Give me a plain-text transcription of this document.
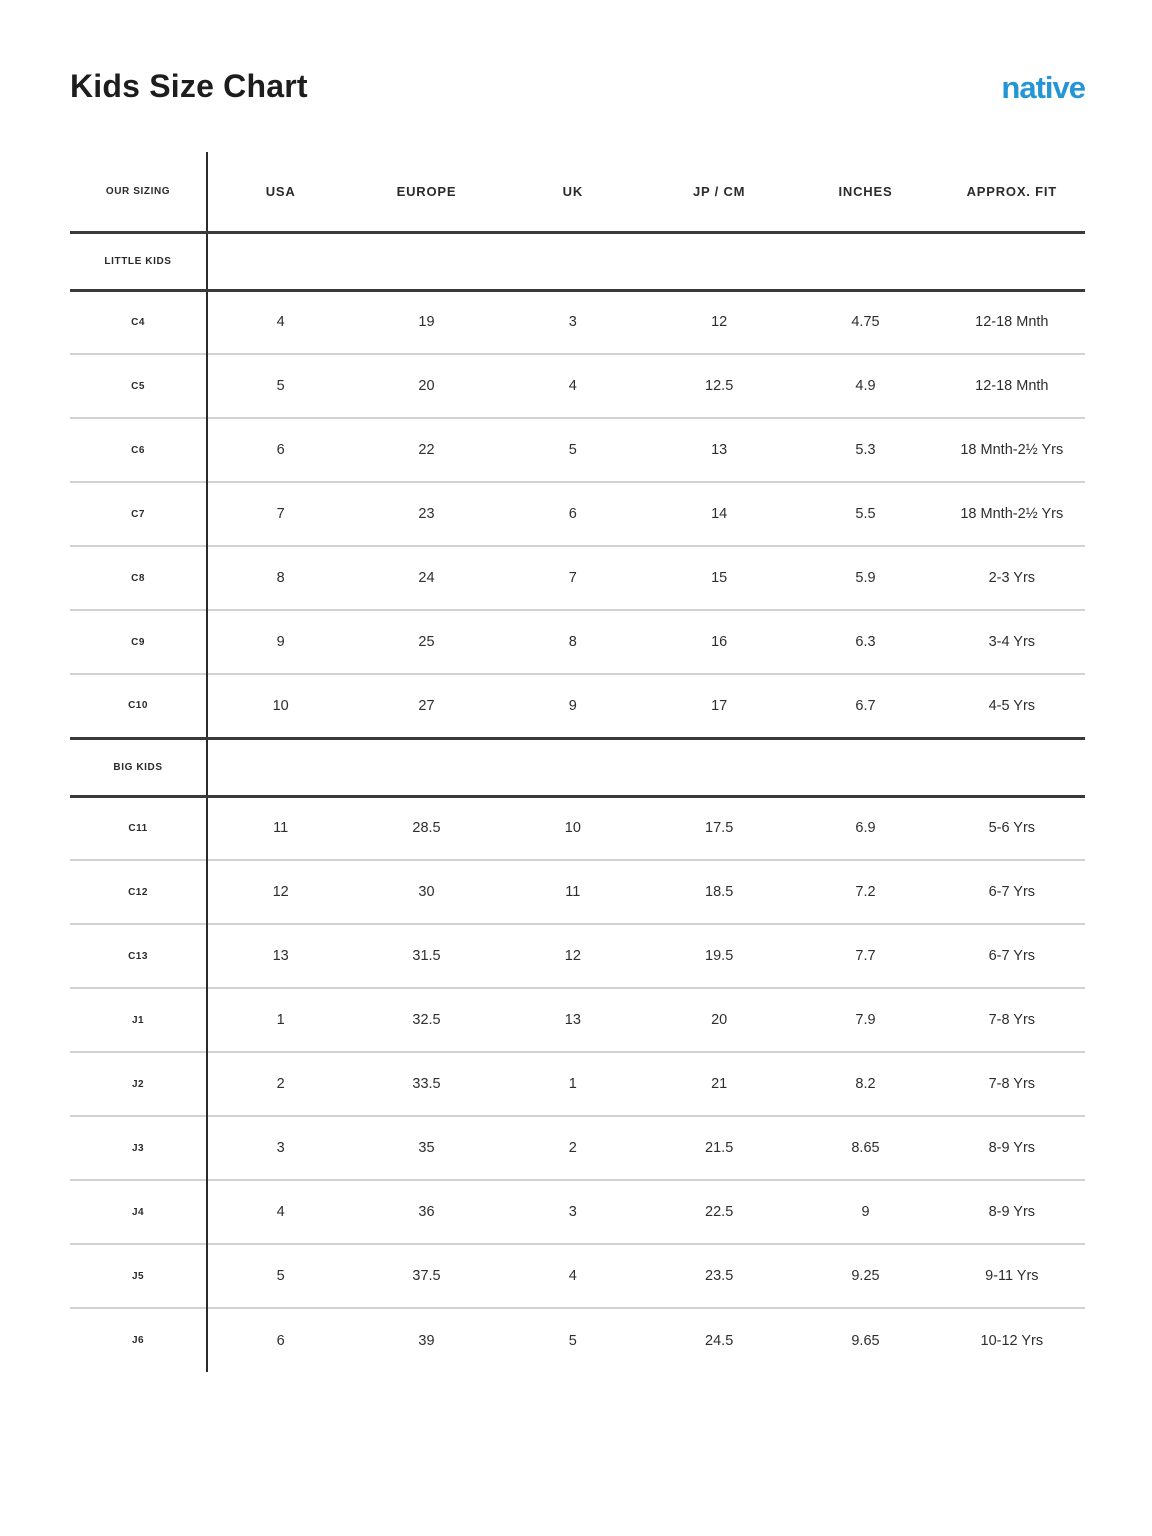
Kids Size Chart	native
OUR SIZING	USA	EUROPE	UK	JP / CM	INCHES	APPROX. FIT
LITTLE KIDS						
C4	4	19	3	12	4.75	12-18 Mnth
C5	5	20	4	12.5	4.9	12-18 Mnth
C6	6	22	5	13	5.3	18 Mnth-2½ Yrs
C7	7	23	6	14	5.5	18 Mnth-2½ Yrs
C8	8	24	7	15	5.9	2-3 Yrs
C9	9	25	8	16	6.3	3-4 Yrs
C10	10	27	9	17	6.7	4-5 Yrs
BIG KIDS						
C11	11	28.5	10	17.5	6.9	5-6 Yrs
C12	12	30	11	18.5	7.2	6-7 Yrs
C13	13	31.5	12	19.5	7.7	6-7 Yrs
J1	1	32.5	13	20	7.9	7-8 Yrs
J2	2	33.5	1	21	8.2	7-8 Yrs
J3	3	35	2	21.5	8.65	8-9 Yrs
J4	4	36	3	22.5	9	8-9 Yrs
J5	5	37.5	4	23.5	9.25	9-11 Yrs
J6	6	39	5	24.5	9.65	10-12 Yrs
